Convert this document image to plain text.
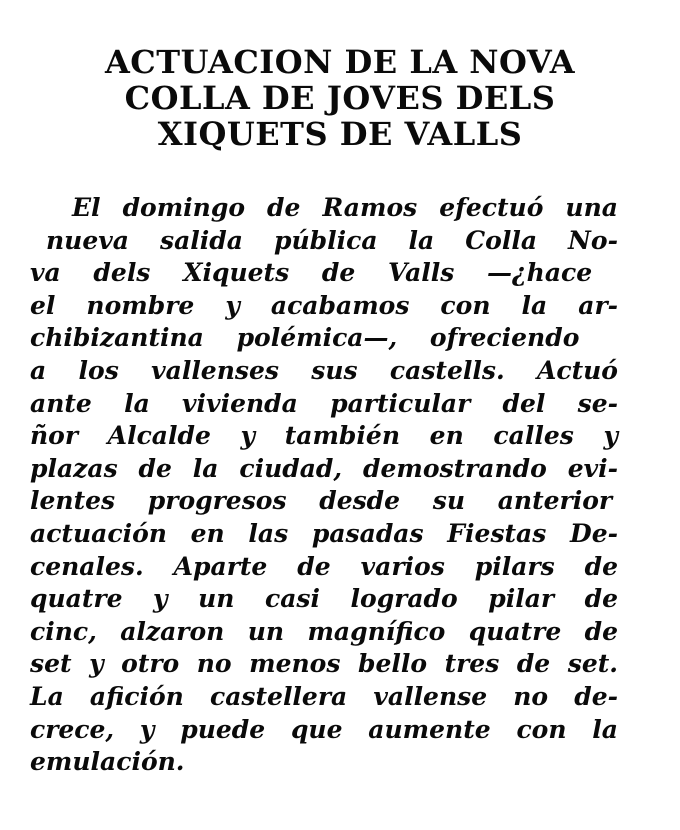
ACTUACION DE LA NOVA
COLLA DE JOVES DELS
XIQUETS DE VALLS
El domingo de Ramos efectuó una
nueva salida pública la Colla No-
va dels Xiquets de Valls —¿hace
el nombre y acabamos con la ar-
chibizantina polémica—, ofreciendo
a los vallenses sus castells. Actuó
ante la vivienda particular del se-
ñor Alcalde y también en calles y
plazas de la ciudad, demostrando evi-
lentes progresos desde su anterior
actuación en las pasadas Fiestas De-
cenales. Aparte de varios pilars de
quatre y un casi logrado pilar de
cinc, alzaron un magnífico quatre de
set y otro no menos bello tres de set.
La afición castellera vallense no de-
crece, y puede que aumente con la
emulación.
